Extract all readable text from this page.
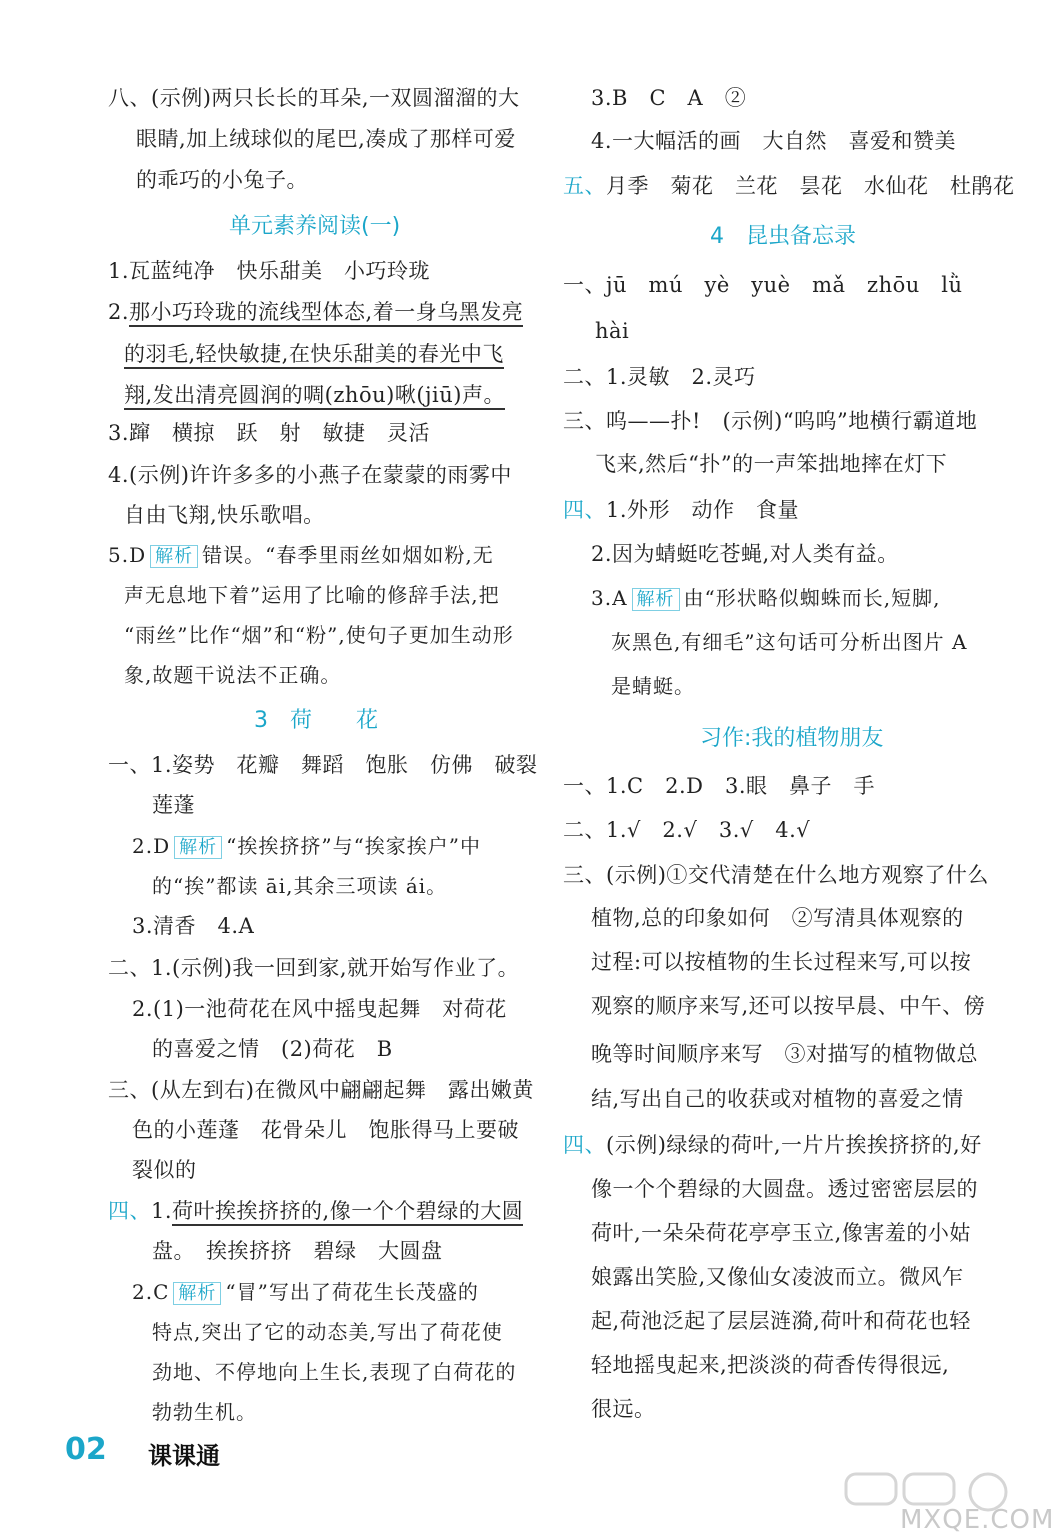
八、(示例)两只长长的耳朵,一双圆溜溜的大
眼睛,加上绒球似的尾巴,凑成了那样可爱
的乖巧的小兔子。
单元素养阅读(一)
1.瓦蓝纯净　快乐甜美　小巧玲珑
2.那小巧玲珑的流线型体态,着一身乌黑发亮
的羽毛,轻快敏捷,在快乐甜美的春光中飞
翔,发出清亮圆润的啁(zhōu)啾(jiū)声。
3.蹿　横掠　跃　射　敏捷　灵活
4.(示例)许许多多的小燕子在蒙蒙的雨雾中
自由飞翔,快乐歌唱。
5.D 解析 错误。“春季里雨丝如烟如粉,无
声无息地下着”运用了比喻的修辞手法,把
“雨丝”比作“烟”和“粉”,使句子更加生动形
象,故题干说法不正确。
3　荷　　花
一、1.姿势　花瓣　舞蹈　饱胀　仿佛　破裂
莲蓬
2.D 解析 “挨挨挤挤”与“挨家挨户”中
的“挨”都读 āi,其余三项读 ái。
3.清香　4.A
二、1.(示例)我一回到家,就开始写作业了。
2.(1)一池荷花在风中摇曳起舞　对荷花
的喜爱之情　(2)荷花　B
三、(从左到右)在微风中翩翩起舞　露出嫩黄
色的小莲蓬　花骨朵儿　饱胀得马上要破
裂似的
四、1.荷叶挨挨挤挤的,像一个个碧绿的大圆
盘。　挨挨挤挤　碧绿　大圆盘
2.C 解析 “冒”写出了荷花生长茂盛的
特点,突出了它的动态美,写出了荷花使
劲地、不停地向上生长,表现了白荷花的
勃勃生机。
3.B　C　A　②
4.一大幅活的画　大自然　喜爱和赞美
五、月季　菊花　兰花　昙花　水仙花　杜鹃花
4　昆虫备忘录
一、jū　mú　yè　yuè　mǎ　zhōu　lǜ
hài
二、1.灵敏　2.灵巧
三、呜——扑!　(示例)“呜呜”地横行霸道地
飞来,然后“扑”的一声笨拙地摔在灯下
四、1.外形　动作　食量
2.因为蜻蜓吃苍蝇,对人类有益。
3.A 解析 由“形状略似蜘蛛而长,短脚,
灰黑色,有细毛”这句话可分析出图片 A
是蜻蜓。
习作:我的植物朋友
一、1.C　2.D　3.眼　鼻子　手
二、1.√　2.√　3.√　4.√
三、(示例)①交代清楚在什么地方观察了什么
植物,总的印象如何　②写清具体观察的
过程:可以按植物的生长过程来写,可以按
观察的顺序来写,还可以按早晨、中午、傍
晚等时间顺序来写　③对描写的植物做总
结,写出自己的收获或对植物的喜爱之情
四、(示例)绿绿的荷叶,一片片挨挨挤挤的,好
像一个个碧绿的大圆盘。透过密密层层的
荷叶,一朵朵荷花亭亭玉立,像害羞的小姑
娘露出笑脸,又像仙女凌波而立。微风乍
起,荷池泛起了层层涟漪,荷叶和荷花也轻
轻地摇曳起来,把淡淡的荷香传得很远,
很远。
02 课课通
MXQE.COM
